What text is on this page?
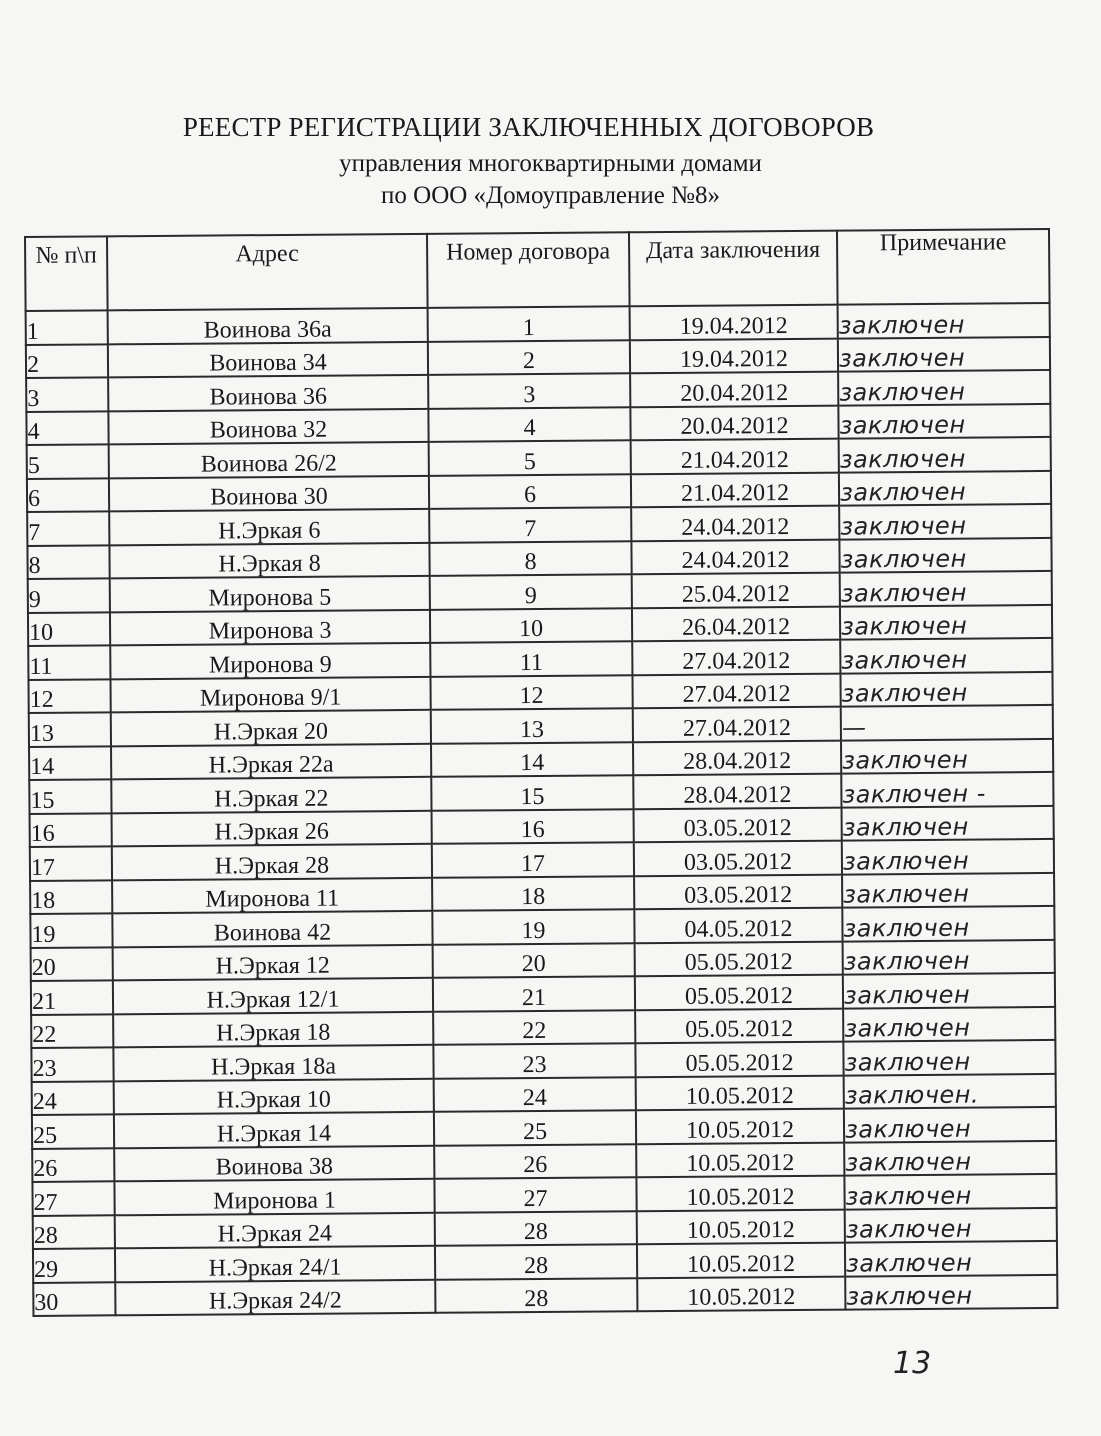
РЕЕСТР РЕГИСТРАЦИИ ЗАКЛЮЧЕННЫХ ДОГОВОРОВ
управления многоквартирными домами
по ООО «Домоуправление №8»
№ п\п	Адрес	Номер договора	Дата заключения	Примечание
1	Воинова 36а	1	19.04.2012	заключен
2	Воинова 34	2	19.04.2012	заключен
3	Воинова 36	3	20.04.2012	заключен
4	Воинова 32	4	20.04.2012	заключен
5	Воинова 26/2	5	21.04.2012	заключен
6	Воинова 30	6	21.04.2012	заключен
7	Н.Эркая 6	7	24.04.2012	заключен
8	Н.Эркая 8	8	24.04.2012	заключен
9	Миронова 5	9	25.04.2012	заключен
10	Миронова 3	10	26.04.2012	заключен
11	Миронова 9	11	27.04.2012	заключен
12	Миронова 9/1	12	27.04.2012	заключен
13	Н.Эркая 20	13	27.04.2012	—
14	Н.Эркая 22а	14	28.04.2012	заключен
15	Н.Эркая 22	15	28.04.2012	заключен -
16	Н.Эркая 26	16	03.05.2012	заключен
17	Н.Эркая 28	17	03.05.2012	заключен
18	Миронова 11	18	03.05.2012	заключен
19	Воинова 42	19	04.05.2012	заключен
20	Н.Эркая 12	20	05.05.2012	заключен
21	Н.Эркая 12/1	21	05.05.2012	заключен
22	Н.Эркая 18	22	05.05.2012	заключен
23	Н.Эркая 18а	23	05.05.2012	заключен
24	Н.Эркая 10	24	10.05.2012	заключен.
25	Н.Эркая 14	25	10.05.2012	заключен
26	Воинова 38	26	10.05.2012	заключен
27	Миронова 1	27	10.05.2012	заключен
28	Н.Эркая 24	28	10.05.2012	заключен
29	Н.Эркая 24/1	28	10.05.2012	заключен
30	Н.Эркая 24/2	28	10.05.2012	заключен
13
